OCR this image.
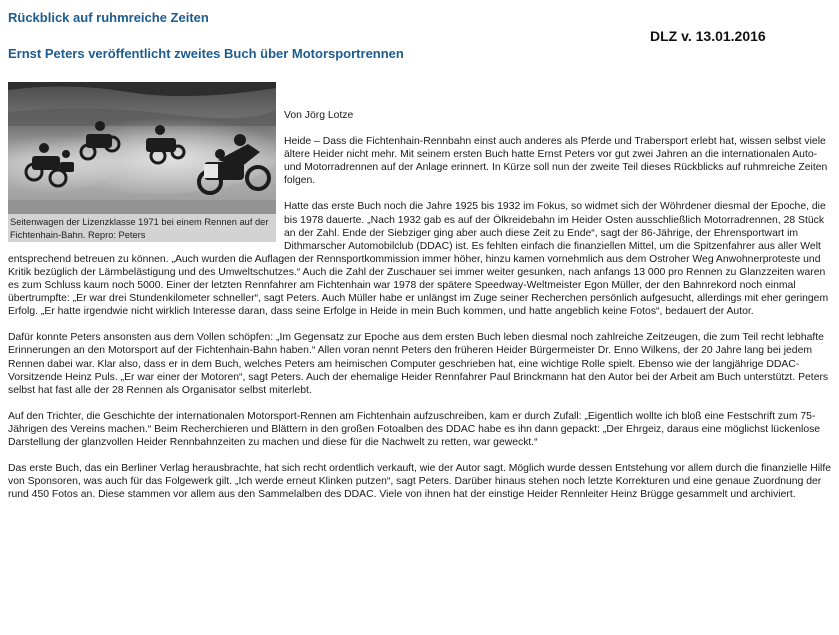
Rückblick auf ruhmreiche Zeiten
Ernst Peters veröffentlicht zweites Buch über Motorsportrennen
DLZ v. 13.01.2016
Seitenwagen der Lizenzklasse 1971 bei einem Rennen auf der Fichtenhain-Bahn. Repro: Peters

Von Jörg Lotze

Heide – Dass die Fichtenhain-Rennbahn einst auch anderes als Pferde und Trabersport erlebt hat, wissen selbst viele ältere Heider nicht mehr. Mit seinem ersten Buch hatte Ernst Peters vor gut zwei Jahren an die internationalen Auto- und Motorradrennen auf der Anlage erinnert. In Kürze soll nun der zweite Teil dieses Rückblicks auf ruhmreiche Zeiten folgen.

Hatte das erste Buch noch die Jahre 1925 bis 1932 im Fokus, so widmet sich der Wöhrdener diesmal der Epoche, die bis 1978 dauerte. „Nach 1932 gab es auf der Ölkreidebahn im Heider Osten ausschließlich Motorradrennen, 28 Stück an der Zahl. Ende der Siebziger ging aber auch diese Zeit zu Ende“, sagt der 86-Jährige, der Ehrensportwart im Dithmarscher Automobilclub (DDAC) ist. Es fehlten einfach die finanziellen Mittel, um die Spitzenfahrer aus aller Welt entsprechend betreuen zu können. „Auch wurden die Auflagen der Rennsportkommission immer höher, hinzu kamen vornehmlich aus dem Ostroher Weg Anwohnerproteste und Kritik bezüglich der Lärmbelästigung und des Umweltschutzes.“ Auch die Zahl der Zuschauer sei immer weiter gesunken, nach anfangs 13 000 pro Rennen zu Glanzzeiten waren es zum Schluss kaum noch 5000. Einer der letzten Rennfahrer am Fichtenhain war 1978 der spätere Speedway-Weltmeister Egon Müller, der den Bahnrekord noch einmal übertrumpfte: „Er war drei Stundenkilometer schneller“, sagt Peters. Auch Müller habe er unlängst im Zuge seiner Recherchen persönlich aufgesucht, allerdings mit eher geringem Erfolg. „Er hatte irgendwie nicht wirklich Interesse daran, dass seine Erfolge in Heide in mein Buch kommen, und hatte angeblich keine Fotos“, bedauert der Autor.

Dafür konnte Peters ansonsten aus dem Vollen schöpfen: „Im Gegensatz zur Epoche aus dem ersten Buch leben diesmal noch zahlreiche Zeitzeugen, die zum Teil recht lebhafte Erinnerungen an den Motorsport auf der Fichtenhain-Bahn haben.“ Allen voran nennt Peters den früheren Heider Bürgermeister Dr. Enno Wilkens, der 20 Jahre lang bei jedem Rennen dabei war. Klar also, dass er in dem Buch, welches Peters am heimischen Computer geschrieben hat, eine wichtige Rolle spielt. Ebenso wie der langjährige DDAC-Vorsitzende Heinz Puls. „Er war einer der Motoren“, sagt Peters. Auch der ehemalige Heider Rennfahrer Paul Brinckmann hat den Autor bei der Arbeit am Buch unterstützt. Peters selbst hat fast alle der 28 Rennen als Organisator selbst miterlebt.

Auf den Trichter, die Geschichte der internationalen Motorsport-Rennen am Fichtenhain aufzuschreiben, kam er durch Zufall: „Eigentlich wollte ich bloß eine Festschrift zum 75-Jährigen des Vereins machen.“ Beim Recherchieren und Blättern in den großen Fotoalben des DDAC habe es ihn dann gepackt: „Der Ehrgeiz, daraus eine möglichst lückenlose Darstellung der glanzvollen Heider Rennbahnzeiten zu machen und diese für die Nachwelt zu retten, war geweckt.“

Das erste Buch, das ein Berliner Verlag herausbrachte, hat sich recht ordentlich verkauft, wie der Autor sagt. Möglich wurde dessen Entstehung vor allem durch die finanzielle Hilfe von Sponsoren, was auch für das Folgewerk gilt. „Ich werde erneut Klinken putzen“, sagt Peters. Darüber hinaus stehen noch letzte Korrekturen und eine genaue Zuordnung der rund 450 Fotos an. Diese stammen vor allem aus den Sammelalben des DDAC. Viele von ihnen hat der einstige Heider Rennleiter Heinz Brügge gesammelt und archiviert.
